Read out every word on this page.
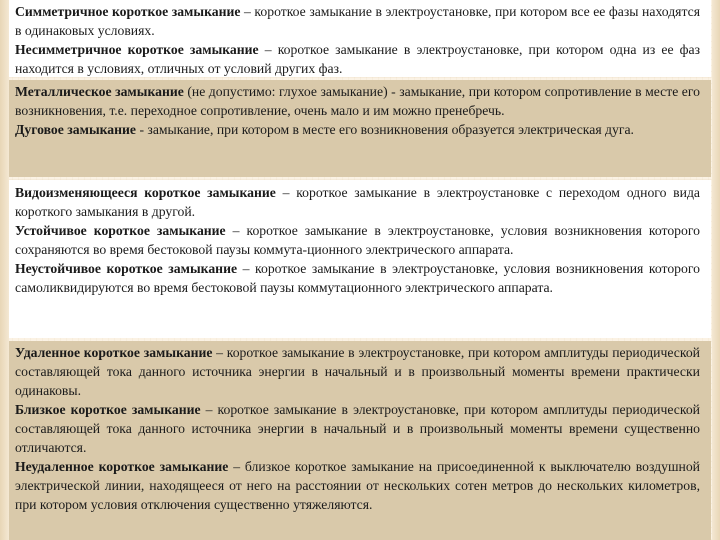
Симметричное короткое замыкание – короткое замыкание в электроустановке, при котором все ее фазы находятся в одинаковых условиях.

Несимметричное короткое замыкание – короткое замыкание в электроустановке, при котором одна из ее фаз находится в условиях, отличных от условий других фаз.

Металлическое замыкание (не допустимо: глухое замыкание) - замыкание, при котором сопротивление в месте его возникновения, т.е. переходное сопротивление, очень мало и им можно пренебречь.

Дуговое замыкание - замыкание, при котором в месте его возникновения образуется электрическая дуга.

Видоизменяющееся короткое замыкание – короткое замыкание в электроустановке с переходом одного вида короткого замыкания в другой.

Устойчивое короткое замыкание – короткое замыкание в электроустановке, условия возникновения которого сохраняются во время бестоковой паузы коммута-ционного электрического аппарата.

Неустойчивое короткое замыкание – короткое замыкание в электроустановке, условия возникновения которого самоликвидируются во время бестоковой паузы коммутационного электрического аппарата.

Удаленное короткое замыкание – короткое замыкание в электроустановке, при котором амплитуды периодической составляющей тока данного источника энергии в начальный и в произвольный моменты времени практически одинаковы.

Близкое короткое замыкание – короткое замыкание в электроустановке, при котором амплитуды периодической составляющей тока данного источника энергии в начальный и в произвольный моменты времени существенно отличаются.

Неудаленное короткое замыкание – близкое короткое замыкание на присоединенной к выключателю воздушной электрической линии, находящееся от него на расстоянии от нескольких сотен метров до нескольких километров, при котором условия отключения существенно утяжеляются.
